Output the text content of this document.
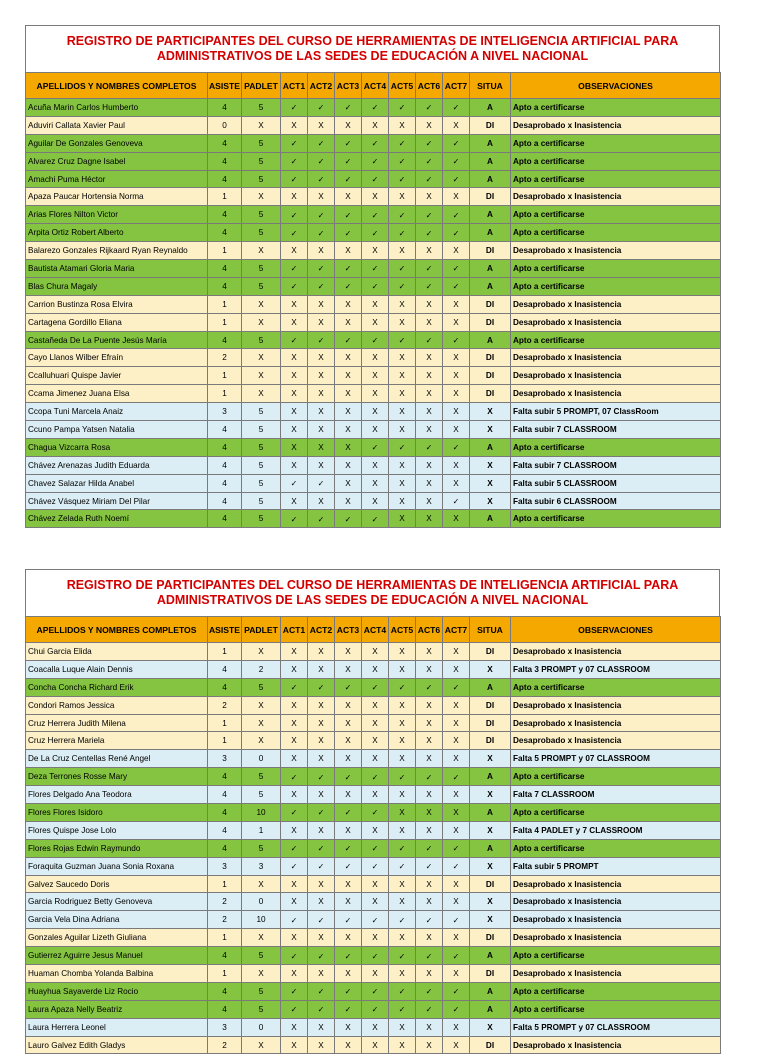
REGISTRO DE PARTICIPANTES DEL CURSO DE HERRAMIENTAS DE INTELIGENCIA ARTIFICIAL PARA
ADMINISTRATIVOS DE LAS SEDES DE EDUCACIÓN A NIVEL NACIONAL
APELLIDOS Y NOMBRES COMPLETOS	ASISTE	PADLET	ACT1	ACT2	ACT3	ACT4	ACT5	ACT6	ACT7	SITUA	OBSERVACIONES
Acuña Marin Carlos Humberto	4	5	✓	✓	✓	✓	✓	✓	✓	A	Apto a certificarse
Aduviri Callata Xavier Paul	0	X	X	X	X	X	X	X	X	DI	Desaprobado x Inasistencia
Aguilar De Gonzales Genoveva	4	5	✓	✓	✓	✓	✓	✓	✓	A	Apto a certificarse
Alvarez Cruz Dagne Isabel	4	5	✓	✓	✓	✓	✓	✓	✓	A	Apto a certificarse
Amachi Puma Héctor	4	5	✓	✓	✓	✓	✓	✓	✓	A	Apto a certificarse
Apaza Paucar Hortensia Norma	1	X	X	X	X	X	X	X	X	DI	Desaprobado x Inasistencia
Arias Flores Nilton Victor	4	5	✓	✓	✓	✓	✓	✓	✓	A	Apto a certificarse
Arpita Ortiz Robert Alberto	4	5	✓	✓	✓	✓	✓	✓	✓	A	Apto a certificarse
Balarezo Gonzales Rijkaard Ryan Reynaldo	1	X	X	X	X	X	X	X	X	DI	Desaprobado x Inasistencia
Bautista Atamari Gloria Maria	4	5	✓	✓	✓	✓	✓	✓	✓	A	Apto a certificarse
Blas Chura Magaly	4	5	✓	✓	✓	✓	✓	✓	✓	A	Apto a certificarse
Carrion Bustinza Rosa Elvira	1	X	X	X	X	X	X	X	X	DI	Desaprobado x Inasistencia
Cartagena Gordillo Eliana	1	X	X	X	X	X	X	X	X	DI	Desaprobado x Inasistencia
Castañeda De La Puente Jesús María	4	5	✓	✓	✓	✓	✓	✓	✓	A	Apto a certificarse
Cayo Llanos Wilber Efraín	2	X	X	X	X	X	X	X	X	DI	Desaprobado x Inasistencia
Ccalluhuari Quispe Javier	1	X	X	X	X	X	X	X	X	DI	Desaprobado x Inasistencia
Ccama Jimenez Juana Elsa	1	X	X	X	X	X	X	X	X	DI	Desaprobado x Inasistencia
Ccopa Tuni Marcela Anaiz	3	5	X	X	X	X	X	X	X	X	Falta subir 5 PROMPT, 07 ClassRoom
Ccuno Pampa Yatsen Natalia	4	5	X	X	X	X	X	X	X	X	Falta subir 7 CLASSROOM
Chagua Vizcarra Rosa	4	5	X	X	X	✓	✓	✓	✓	A	Apto a certificarse
Chávez Arenazas Judith Eduarda	4	5	X	X	X	X	X	X	X	X	Falta subir 7 CLASSROOM
Chavez Salazar Hilda Anabel	4	5	✓	✓	X	X	X	X	X	X	Falta subir 5 CLASSROOM
Chávez Vásquez Miriam Del Pilar	4	5	X	X	X	X	X	X	✓	X	Falta subir 6 CLASSROOM
Chávez Zelada Ruth Noemí	4	5	✓	✓	✓	✓	X	X	X	A	Apto a certificarse
REGISTRO DE PARTICIPANTES DEL CURSO DE HERRAMIENTAS DE INTELIGENCIA ARTIFICIAL PARA
ADMINISTRATIVOS DE LAS SEDES DE EDUCACIÓN A NIVEL NACIONAL
APELLIDOS Y NOMBRES COMPLETOS	ASISTE	PADLET	ACT1	ACT2	ACT3	ACT4	ACT5	ACT6	ACT7	SITUA	OBSERVACIONES
Chui Garcia Elida	1	X	X	X	X	X	X	X	X	DI	Desaprobado x Inasistencia
Coacalla Luque Alain Dennis	4	2	X	X	X	X	X	X	X	X	Falta 3 PROMPT y 07 CLASSROOM
Concha Concha Richard Erik	4	5	✓	✓	✓	✓	✓	✓	✓	A	Apto a certificarse
Condori Ramos Jessica	2	X	X	X	X	X	X	X	X	DI	Desaprobado x Inasistencia
Cruz Herrera Judith Milena	1	X	X	X	X	X	X	X	X	DI	Desaprobado x Inasistencia
Cruz Herrera Mariela	1	X	X	X	X	X	X	X	X	DI	Desaprobado x Inasistencia
De La Cruz Centellas René Angel	3	0	X	X	X	X	X	X	X	X	Falta 5 PROMPT y 07 CLASSROOM
Deza Terrones Rosse Mary	4	5	✓	✓	✓	✓	✓	✓	✓	A	Apto a certificarse
Flores Delgado Ana Teodora	4	5	X	X	X	X	X	X	X	X	Falta 7 CLASSROOM
Flores Flores Isidoro	4	10	✓	✓	✓	✓	X	X	X	A	Apto a certificarse
Flores Quispe Jose Lolo	4	1	X	X	X	X	X	X	X	X	Falta 4 PADLET y 7 CLASSROOM
Flores Rojas Edwin Raymundo	4	5	✓	✓	✓	✓	✓	✓	✓	A	Apto a certificarse
Foraquita Guzman Juana Sonia Roxana	3	3	✓	✓	✓	✓	✓	✓	✓	X	Falta subir 5 PROMPT
Galvez Saucedo Doris	1	X	X	X	X	X	X	X	X	DI	Desaprobado x Inasistencia
Garcia Rodriguez Betty Genoveva	2	0	X	X	X	X	X	X	X	X	Desaprobado x Inasistencia
Garcia Vela Dina Adriana	2	10	✓	✓	✓	✓	✓	✓	✓	X	Desaprobado x Inasistencia
Gonzales Aguilar Lizeth Giuliana	1	X	X	X	X	X	X	X	X	DI	Desaprobado x Inasistencia
Gutierrez Aguirre Jesus Manuel	4	5	✓	✓	✓	✓	✓	✓	✓	A	Apto a certificarse
Huaman Chomba Yolanda Balbina	1	X	X	X	X	X	X	X	X	DI	Desaprobado x Inasistencia
Huayhua Sayaverde Liz Rocio	4	5	✓	✓	✓	✓	✓	✓	✓	A	Apto a certificarse
Laura Apaza Nelly Beatriz	4	5	✓	✓	✓	✓	✓	✓	✓	A	Apto a certificarse
Laura Herrera Leonel	3	0	X	X	X	X	X	X	X	X	Falta 5 PROMPT y 07 CLASSROOM
Lauro Galvez Edith Gladys	2	X	X	X	X	X	X	X	X	DI	Desaprobado x Inasistencia
